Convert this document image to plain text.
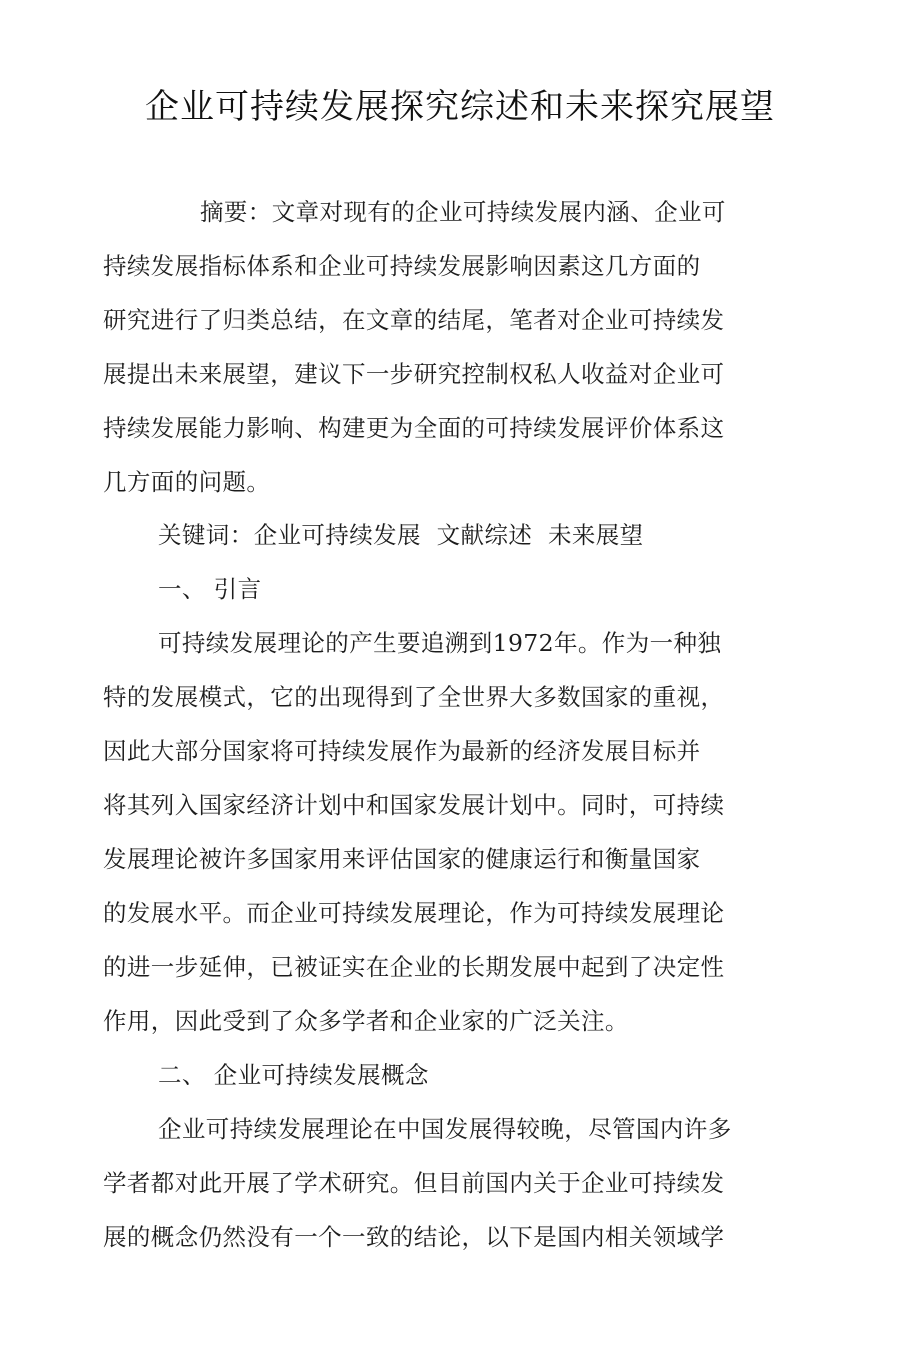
企业可持续发展探究综述和未来探究展望
摘要：文章对现有的企业可持续发展内涵、企业可
持续发展指标体系和企业可持续发展影响因素这几方面的
研究进行了归类总结，在文章的结尾，笔者对企业可持续发
展提出未来展望，建议下一步研究控制权私人收益对企业可
持续发展能力影响、构建更为全面的可持续发展评价体系这
几方面的问题。
关键词：企业可持续发展  文献综述  未来展望
一、 引言
可持续发展理论的产生要追溯到1972年。作为一种独
特的发展模式，它的出现得到了全世界大多数国家的重视，
因此大部分国家将可持续发展作为最新的经济发展目标并
将其列入国家经济计划中和国家发展计划中。同时，可持续
发展理论被许多国家用来评估国家的健康运行和衡量国家
的发展水平。而企业可持续发展理论，作为可持续发展理论
的进一步延伸，已被证实在企业的长期发展中起到了决定性
作用，因此受到了众多学者和企业家的广泛关注。
二、 企业可持续发展概念
企业可持续发展理论在中国发展得较晚，尽管国内许多
学者都对此开展了学术研究。但目前国内关于企业可持续发
展的概念仍然没有一个一致的结论，以下是国内相关领域学
